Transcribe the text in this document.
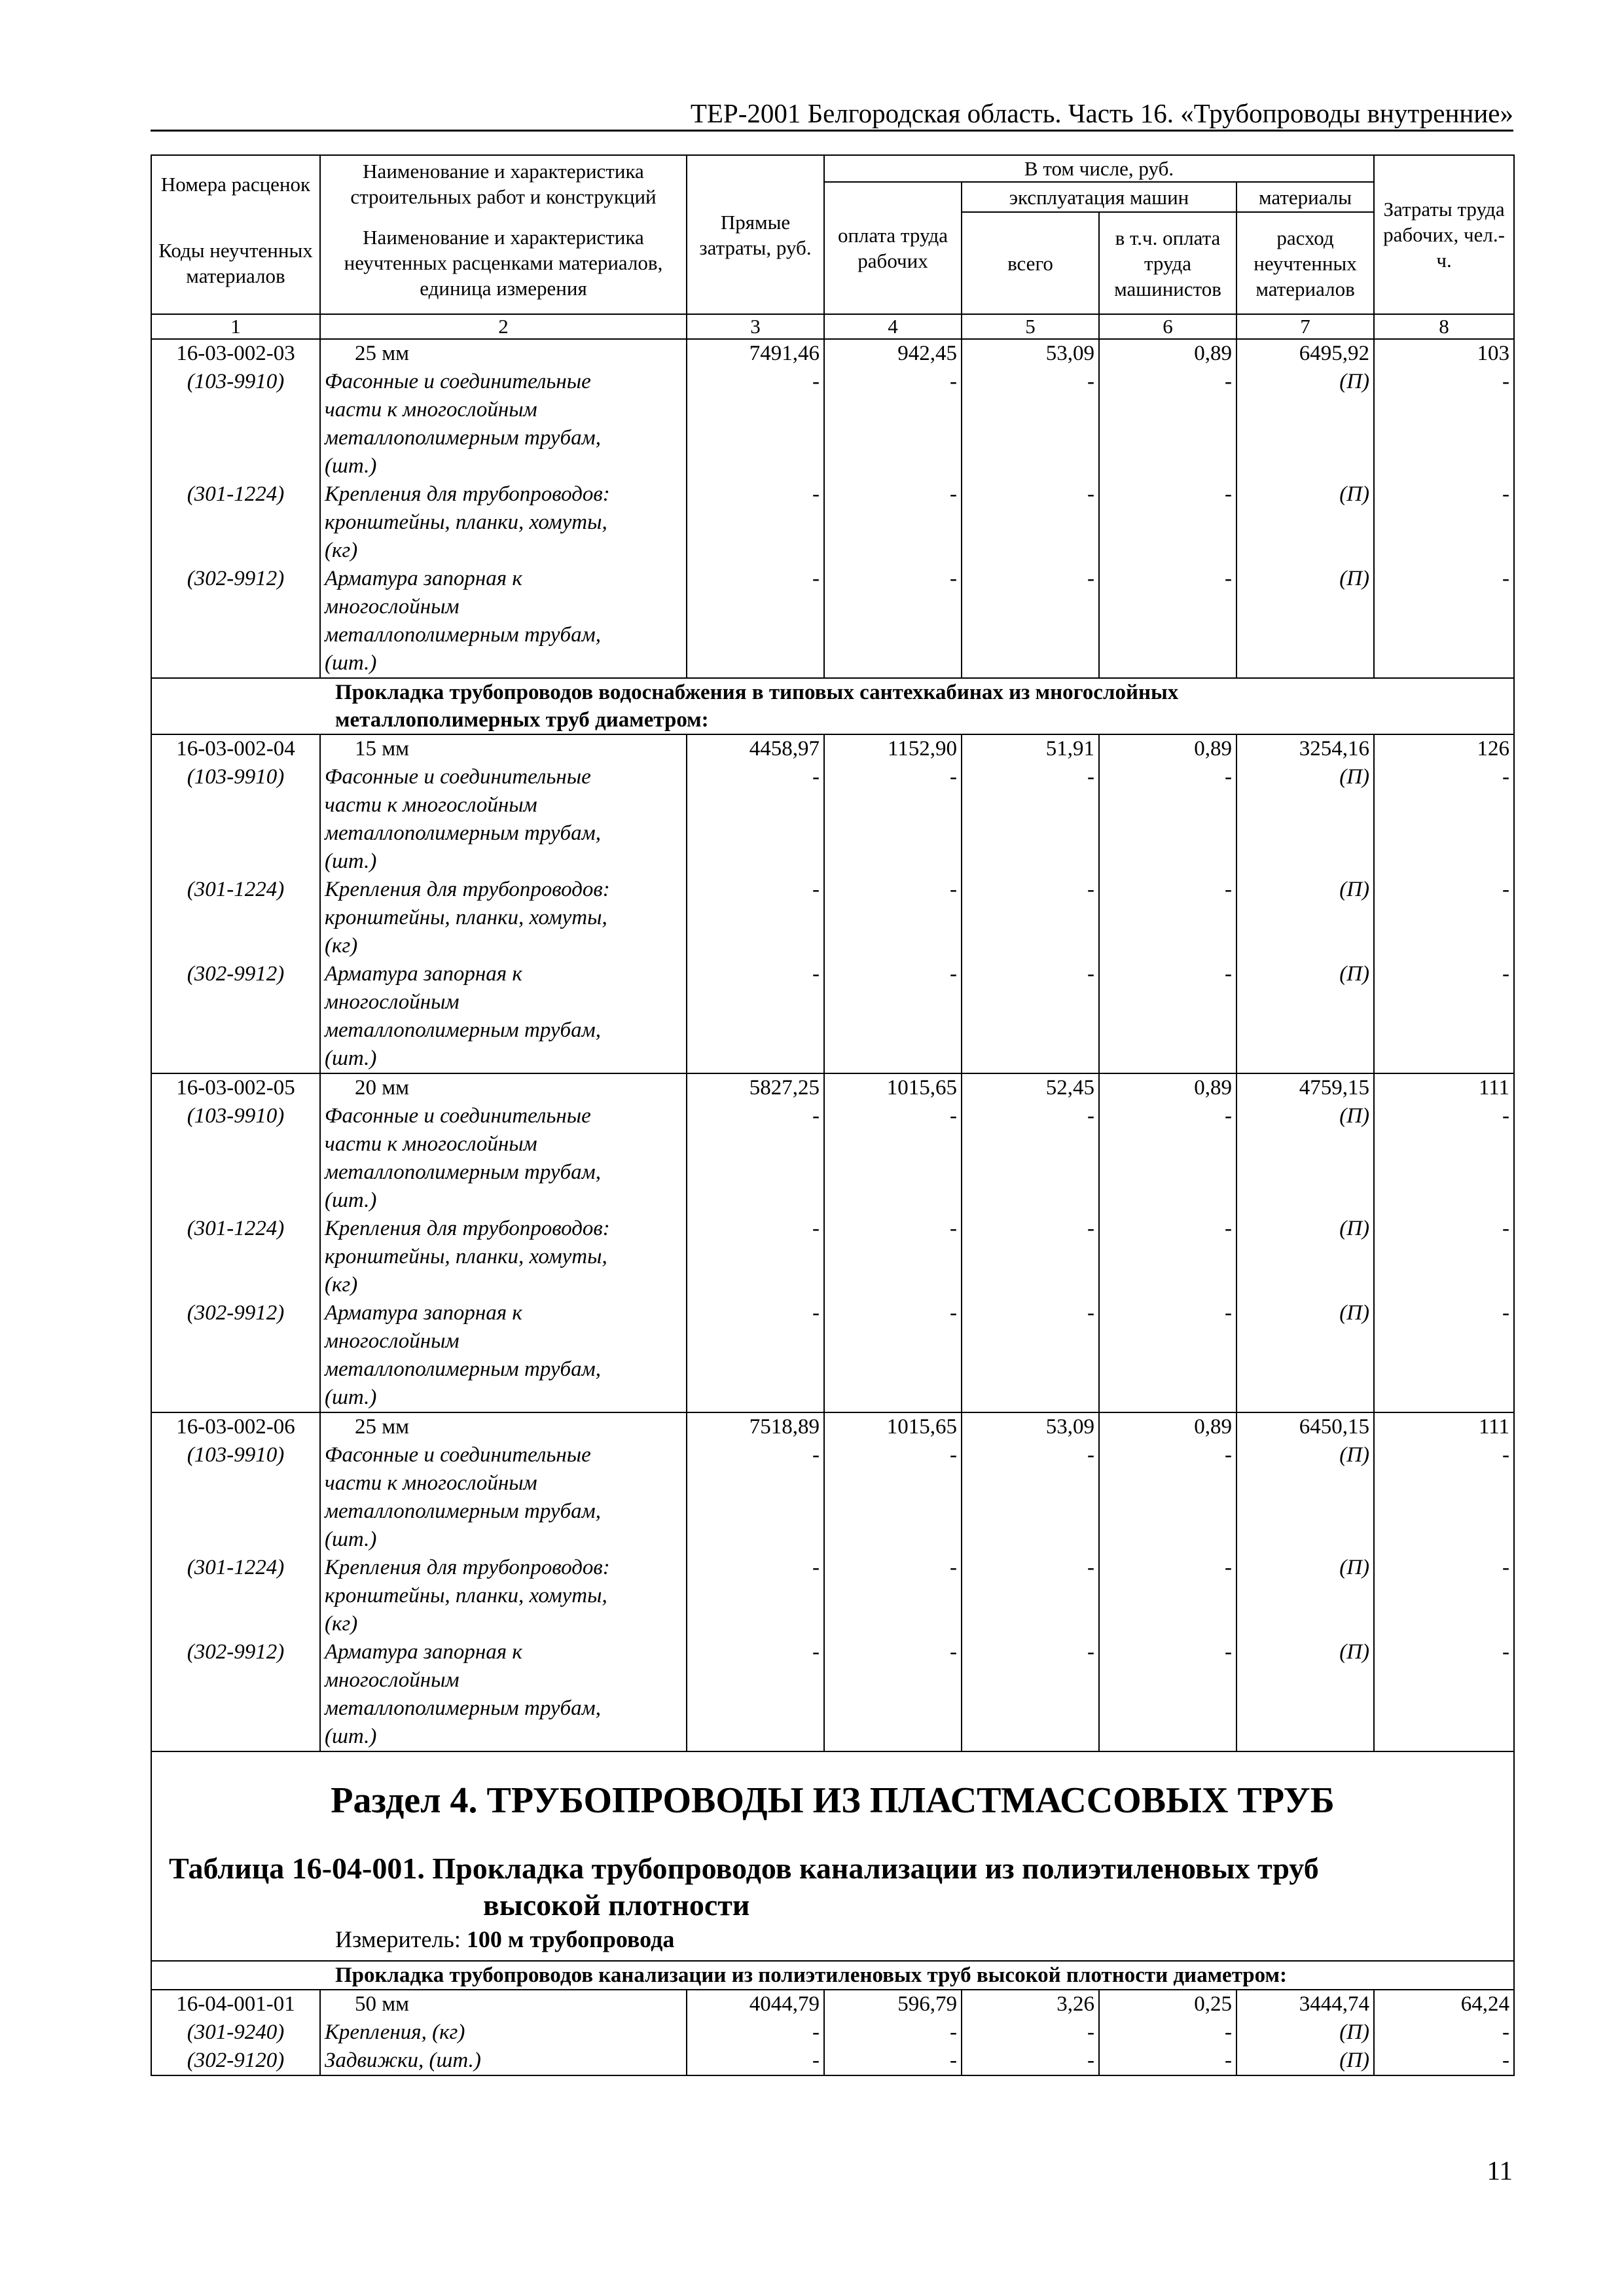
ТЕР-2001 Белгородская область. Часть 16. «Трубопроводы внутренние»
Номера расценок	Наименование и характеристика строительных работ и конструкций	Прямые затраты, руб.	В том числе, руб.				Затраты труда рабочих, чел.-ч.
			оплата труда рабочих	эксплуатация машин		материалы	
Коды неучтенных материалов	Наименование и характеристика неучтенных расценками материалов, единица измерения			всего	в т.ч. оплата труда машинистов	расход неучтенных материалов	
1	2	3	4	5	6	7	8
16-03-002-03	25 мм	7491,46	942,45	53,09	0,89	6495,92	103
(103-9910)	Фасонные и соединительные	-	-	-	-	(П)	-
	части к многослойным						
	металлополимерным трубам,						
	(шт.)						
(301-1224)	Крепления для трубопроводов:	-	-	-	-	(П)	-
	кронштейны, планки, хомуты,						
	(кг)						
(302-9912)	Арматура запорная к	-	-	-	-	(П)	-
	многослойным						
	металлополимерным трубам,						
	(шт.)						

Прокладка трубопроводов водоснабжения в типовых сантехкабинах из многослойных
металлополимерных труб диаметром:							

16-03-002-04	15 мм	4458,97	1152,90	51,91	0,89	3254,16	126
(103-9910)	Фасонные и соединительные	-	-	-	-	(П)	-
	части к многослойным						
	металлополимерным трубам,						
	(шт.)						
(301-1224)	Крепления для трубопроводов:	-	-	-	-	(П)	-
	кронштейны, планки, хомуты,						
	(кг)						
(302-9912)	Арматура запорная к	-	-	-	-	(П)	-
	многослойным						
	металлополимерным трубам,						
	(шт.)						
16-03-002-05	20 мм	5827,25	1015,65	52,45	0,89	4759,15	111
(103-9910)	Фасонные и соединительные	-	-	-	-	(П)	-
	части к многослойным						
	металлополимерным трубам,						
	(шт.)						
(301-1224)	Крепления для трубопроводов:	-	-	-	-	(П)	-
	кронштейны, планки, хомуты,						
	(кг)						
(302-9912)	Арматура запорная к	-	-	-	-	(П)	-
	многослойным						
	металлополимерным трубам,						
	(шт.)						
16-03-002-06	25 мм	7518,89	1015,65	53,09	0,89	6450,15	111
(103-9910)	Фасонные и соединительные	-	-	-	-	(П)	-
	части к многослойным						
	металлополимерным трубам,						
	(шт.)						
(301-1224)	Крепления для трубопроводов:	-	-	-	-	(П)	-
	кронштейны, планки, хомуты,						
	(кг)						
(302-9912)	Арматура запорная к	-	-	-	-	(П)	-
	многослойным						
	металлополимерным трубам,						
	(шт.)						

Раздел 4. ТРУБОПРОВОДЫ ИЗ ПЛАСТМАССОВЫХ ТРУБ
Таблица 16-04-001. Прокладка трубопроводов канализации из полиэтиленовых труб
высокой плотности
Измеритель: 100 м трубопровода							

Прокладка трубопроводов канализации из полиэтиленовых труб высокой плотности диаметром:							

16-04-001-01	50 мм	4044,79	596,79	3,26	0,25	3444,74	64,24
(301-9240)	Крепления, (кг)	-	-	-	-	(П)	-
(302-9120)	Задвижки, (шт.)	-	-	-	-	(П)	-
11
